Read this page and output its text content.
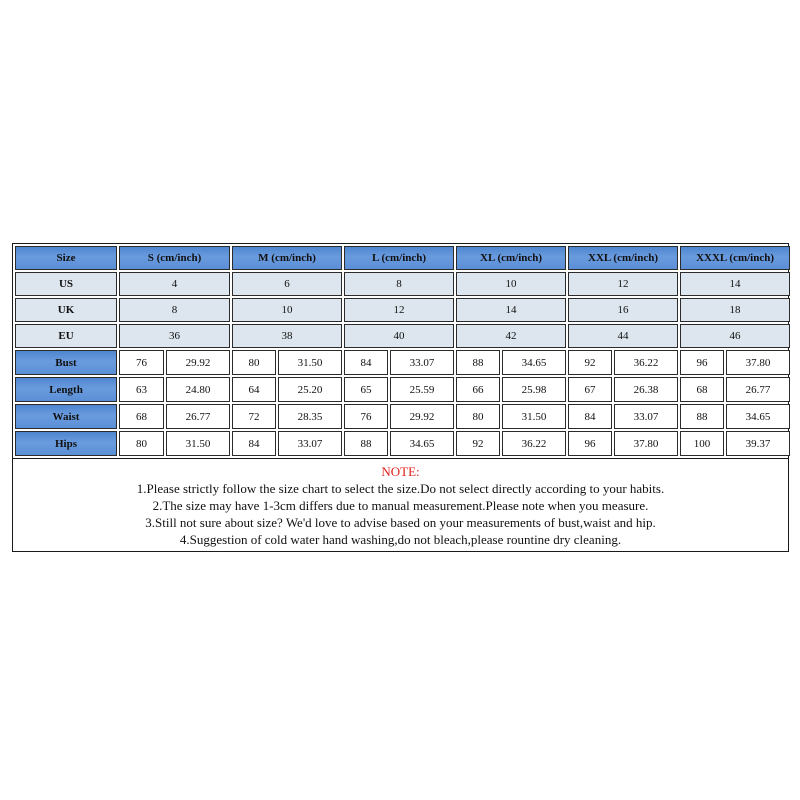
Size	S (cm/inch)		M (cm/inch)		L (cm/inch)		XL (cm/inch)		XXL (cm/inch)		XXXL (cm/inch)	
US	4		6		8		10		12		14	
UK	8		10		12		14		16		18	
EU	36		38		40		42		44		46	
Bust	76	29.92	80	31.50	84	33.07	88	34.65	92	36.22	96	37.80
Length	63	24.80	64	25.20	65	25.59	66	25.98	67	26.38	68	26.77
Waist	68	26.77	72	28.35	76	29.92	80	31.50	84	33.07	88	34.65
Hips	80	31.50	84	33.07	88	34.65	92	36.22	96	37.80	100	39.37
NOTE:
1.Please strictly follow the size chart to select the size.Do not select directly according to your habits.
2.The size may have 1-3cm differs due to manual measurement.Please note when you measure.
3.Still not sure about size? We'd love to advise based on your measurements of bust,waist and hip.
4.Suggestion of cold water hand washing,do not bleach,please rountine dry cleaning.
